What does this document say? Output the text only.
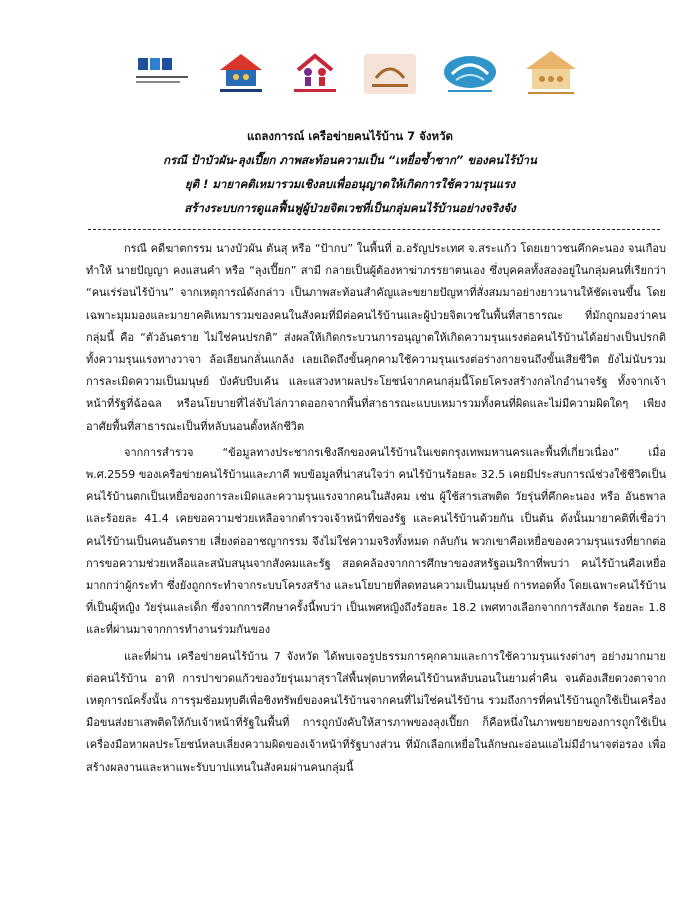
แถลงการณ์ เครือข่ายคนไร้บ้าน 7 จังหวัด

กรณี ป้าบัวผัน-ลุงเปี๊ยก ภาพสะท้อนความเป็น “เหยื่อซ้ำซาก” ของคนไร้บ้าน

ยุติ ! มายาคติเหมารวมเชิงลบเพื่ออนุญาตให้เกิดการใช้ความรุนแรง

สร้างระบบการดูแลฟื้นฟูผู้ป่วยจิตเวชที่เป็นกลุ่มคนไร้บ้านอย่างจริงจัง

กรณี คดีฆาตกรรม นางบัวผัน ตันสุ หรือ “ป้ากบ” ในพื้นที่ อ.อรัญประเทศ จ.สระแก้ว โดยเยาวชนคึกคะนอง จนเกือบทำให้ นายปัญญา คงแสนคำ หรือ “ลุงเปี๊ยก” สามี กลายเป็นผู้ต้องหาฆ่าภรรยาตนเอง ซึ่งบุคคลทั้งสองอยู่ในกลุ่มคนที่เรียกว่า “คนเร่ร่อนไร้บ้าน” จากเหตุการณ์ดังกล่าว เป็นภาพสะท้อนสำคัญและขยายปัญหาที่สั่งสมมาอย่างยาวนานให้ชัดเจนขึ้น โดยเฉพาะมุมมองและมายาคติเหมารวมของคนในสังคมที่มีต่อคนไร้บ้านและผู้ป่วยจิตเวชในพื้นที่สาธารณะ ที่มักถูกมองว่าคนกลุ่มนี้ คือ “ตัวอันตราย ไม่ใช่คนปรกติ” ส่งผลให้เกิดกระบวนการอนุญาตให้เกิดความรุนแรงต่อคนไร้บ้านได้อย่างเป็นปรกติ ทั้งความรุนแรงทางวาจา ล้อเลียนกลั่นแกล้ง เลยเถิดถึงขั้นคุกคามใช้ความรุนแรงต่อร่างกายจนถึงขั้นเสียชีวิต ยังไม่นับรวมการละเมิดความเป็นมนุษย์ บังคับบีบเค้น และแสวงหาผลประโยชน์จากคนกลุ่มนี้โดยโครงสร้างกลไกอำนาจรัฐ ทั้งจากเจ้าหน้าที่รัฐที่ฉ้อฉล หรือนโยบายที่ไล่จับไล่กวาดออกจากพื้นที่สาธารณะแบบเหมารวมทั้งคนที่ผิดและไม่มีความผิดใดๆ เพียงอาศัยพื้นที่สาธารณะเป็นที่หลับนอนตั้งหลักชีวิต

จากการสำรวจ “ข้อมูลทางประชากรเชิงลึกของคนไร้บ้านในเขตกรุงเทพมหานครและพื้นที่เกี่ยวเนื่อง” เมื่อ พ.ศ.2559 ของเครือข่ายคนไร้บ้านและภาคี พบข้อมูลที่น่าสนใจว่า คนไร้บ้านร้อยละ 32.5 เคยมีประสบการณ์ช่วงใช้ชีวิตเป็นคนไร้บ้านตกเป็นเหยื่อของการละเมิดและความรุนแรงจากคนในสังคม เช่น ผู้ใช้สารเสพติด วัยรุ่นที่คึกคะนอง หรือ อันธพาล และร้อยละ 41.4 เคยขอความช่วยเหลือจากตำรวจเจ้าหน้าที่ของรัฐ และคนไร้บ้านด้วยกัน เป็นต้น ดังนั้นมายาคติที่เชื่อว่า คนไร้บ้านเป็นคนอันตราย เสี่ยงต่ออาชญากรรม จึงไม่ใช่ความจริงทั้งหมด กลับกัน พวกเขาคือเหยื่อของความรุนแรงที่ยากต่อการขอความช่วยเหลือและสนับสนุนจากสังคมและรัฐ สอดคล้องจากการศึกษาของสหรัฐอเมริกาที่พบว่า คนไร้บ้านคือเหยื่อมากกว่าผู้กระทำ ซึ่งยังถูกกระทำจากระบบโครงสร้าง และนโยบายที่ลดทอนความเป็นมนุษย์ การทอดทิ้ง โดยเฉพาะคนไร้บ้านที่เป็นผู้หญิง วัยรุ่นและเด็ก ซึ่งจากการศึกษาครั้งนี้พบว่า เป็นเพศหญิงถึงร้อยละ 18.2 เพศทางเลือกจากการสังเกต ร้อยละ 1.8 และที่ผ่านมาจากการทำงานร่วมกันของ

และที่ผ่าน เครือข่ายคนไร้บ้าน 7 จังหวัด ได้พบเจอรูปธรรมการคุกคามและการใช้ความรุนแรงต่างๆ อย่างมากมายต่อคนไร้บ้าน อาทิ การปาขวดแก้วของวัยรุ่นเมาสุราใส่พื้นฟุตบาทที่คนไร้บ้านหลับนอนในยามค่ำคืน จนต้องเสียดวงตาจากเหตุการณ์ครั้งนั้น การรุมซ้อมทุบตีเพื่อชิงทรัพย์ของคนไร้บ้านจากคนที่ไม่ใช่คนไร้บ้าน รวมถึงการที่คนไร้บ้านถูกใช้เป็นเครื่องมือขนส่งยาเสพติดให้กับเจ้าหน้าที่รัฐในพื้นที่ การถูกบังคับให้สารภาพของลุงเปี๊ยก ก็คือหนึ่งในภาพขยายของการถูกใช้เป็นเครื่องมือหาผลประโยชน์หลบเลี่ยงความผิดของเจ้าหน้าที่รัฐบางส่วน ที่มักเลือกเหยื่อในลักษณะอ่อนแอไม่มีอำนาจต่อรอง เพื่อสร้างผลงานและหาแพะรับบาปแทนในสังคมผ่านคนกลุ่มนี้
